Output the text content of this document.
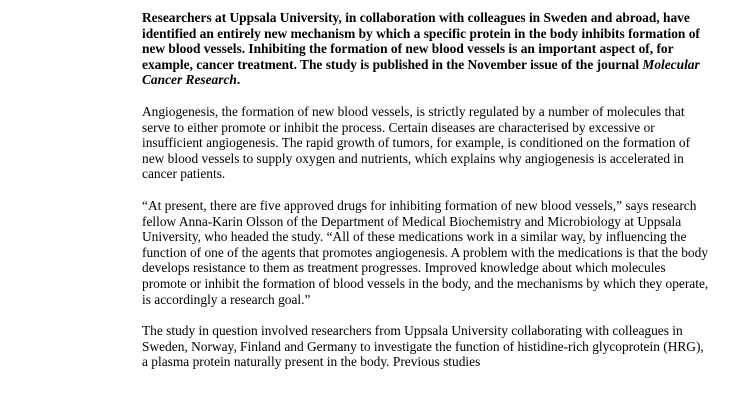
Researchers at Uppsala University, in collaboration with colleagues in Sweden and abroad, have identified an entirely new mechanism by which a specific protein in the body inhibits formation of new blood vessels. Inhibiting the formation of new blood vessels is an important aspect of, for example, cancer treatment. The study is published in the November issue of the journal Molecular Cancer Research.

Angiogenesis, the formation of new blood vessels, is strictly regulated by a number of molecules that serve to either promote or inhibit the process. Certain diseases are characterised by excessive or insufficient angiogenesis. The rapid growth of tumors, for example, is conditioned on the formation of new blood vessels to supply oxygen and nutrients, which explains why angiogenesis is accelerated in cancer patients.

“At present, there are five approved drugs for inhibiting formation of new blood vessels,” says research fellow Anna-Karin Olsson of the Department of Medical Biochemistry and Microbiology at Uppsala University, who headed the study. “All of these medications work in a similar way, by influencing the function of one of the agents that promotes angiogenesis. A problem with the medications is that the body develops resistance to them as treatment progresses. Improved knowledge about which molecules promote or inhibit the formation of blood vessels in the body, and the mechanisms by which they operate, is accordingly a research goal.”

The study in question involved researchers from Uppsala University collaborating with colleagues in Sweden, Norway, Finland and Germany to investigate the function of histidine-rich glycoprotein (HRG), a plasma protein naturally present in the body. Previous studies
